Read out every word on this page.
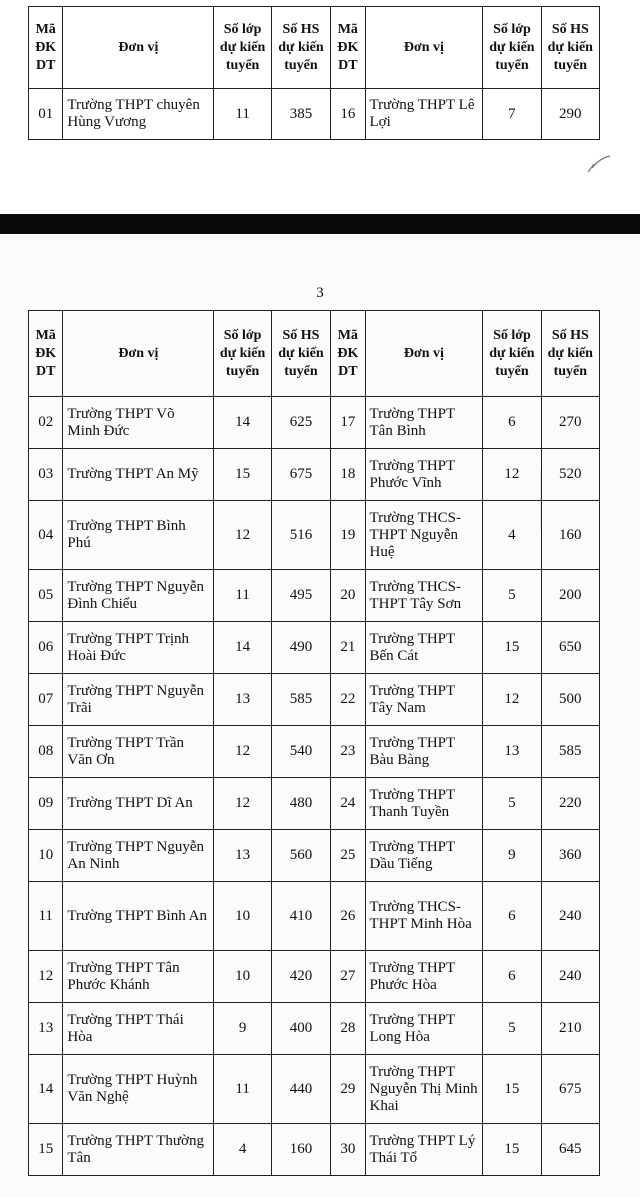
Mã ĐK DT	Đơn vị	Số lớp dự kiến tuyển	Số HS dự kiến tuyển	Mã ĐK DT	Đơn vị	Số lớp dự kiến tuyển	Số HS dự kiến tuyển
01	Trường THPT chuyên Hùng Vương	11	385	16	Trường THPT Lê Lợi	7	290
3
Mã ĐK DT	Đơn vị	Số lớp dự kiến tuyển	Số HS dự kiến tuyển	Mã ĐK DT	Đơn vị	Số lớp dự kiến tuyển	Số HS dự kiến tuyển
02	Trường THPT Võ Minh Đức	14	625	17	Trường THPT Tân Bình	6	270
03	Trường THPT An Mỹ	15	675	18	Trường THPT Phước Vĩnh	12	520
04	Trường THPT Bình Phú	12	516	19	Trường THCS-THPT Nguyễn Huệ	4	160
05	Trường THPT Nguyễn Đình Chiểu	11	495	20	Trường THCS-THPT Tây Sơn	5	200
06	Trường THPT Trịnh Hoài Đức	14	490	21	Trường THPT Bến Cát	15	650
07	Trường THPT Nguyễn Trãi	13	585	22	Trường THPT Tây Nam	12	500
08	Trường THPT Trần Văn Ơn	12	540	23	Trường THPT Bàu Bàng	13	585
09	Trường THPT Dĩ An	12	480	24	Trường THPT Thanh Tuyền	5	220
10	Trường THPT Nguyễn An Ninh	13	560	25	Trường THPT Dầu Tiếng	9	360
11	Trường THPT Bình An	10	410	26	Trường THCS-THPT Minh Hòa	6	240
12	Trường THPT Tân Phước Khánh	10	420	27	Trường THPT Phước Hòa	6	240
13	Trường THPT Thái Hòa	9	400	28	Trường THPT Long Hòa	5	210
14	Trường THPT Huỳnh Văn Nghệ	11	440	29	Trường THPT Nguyễn Thị Minh Khai	15	675
15	Trường THPT Thường Tân	4	160	30	Trường THPT Lý Thái Tổ	15	645
